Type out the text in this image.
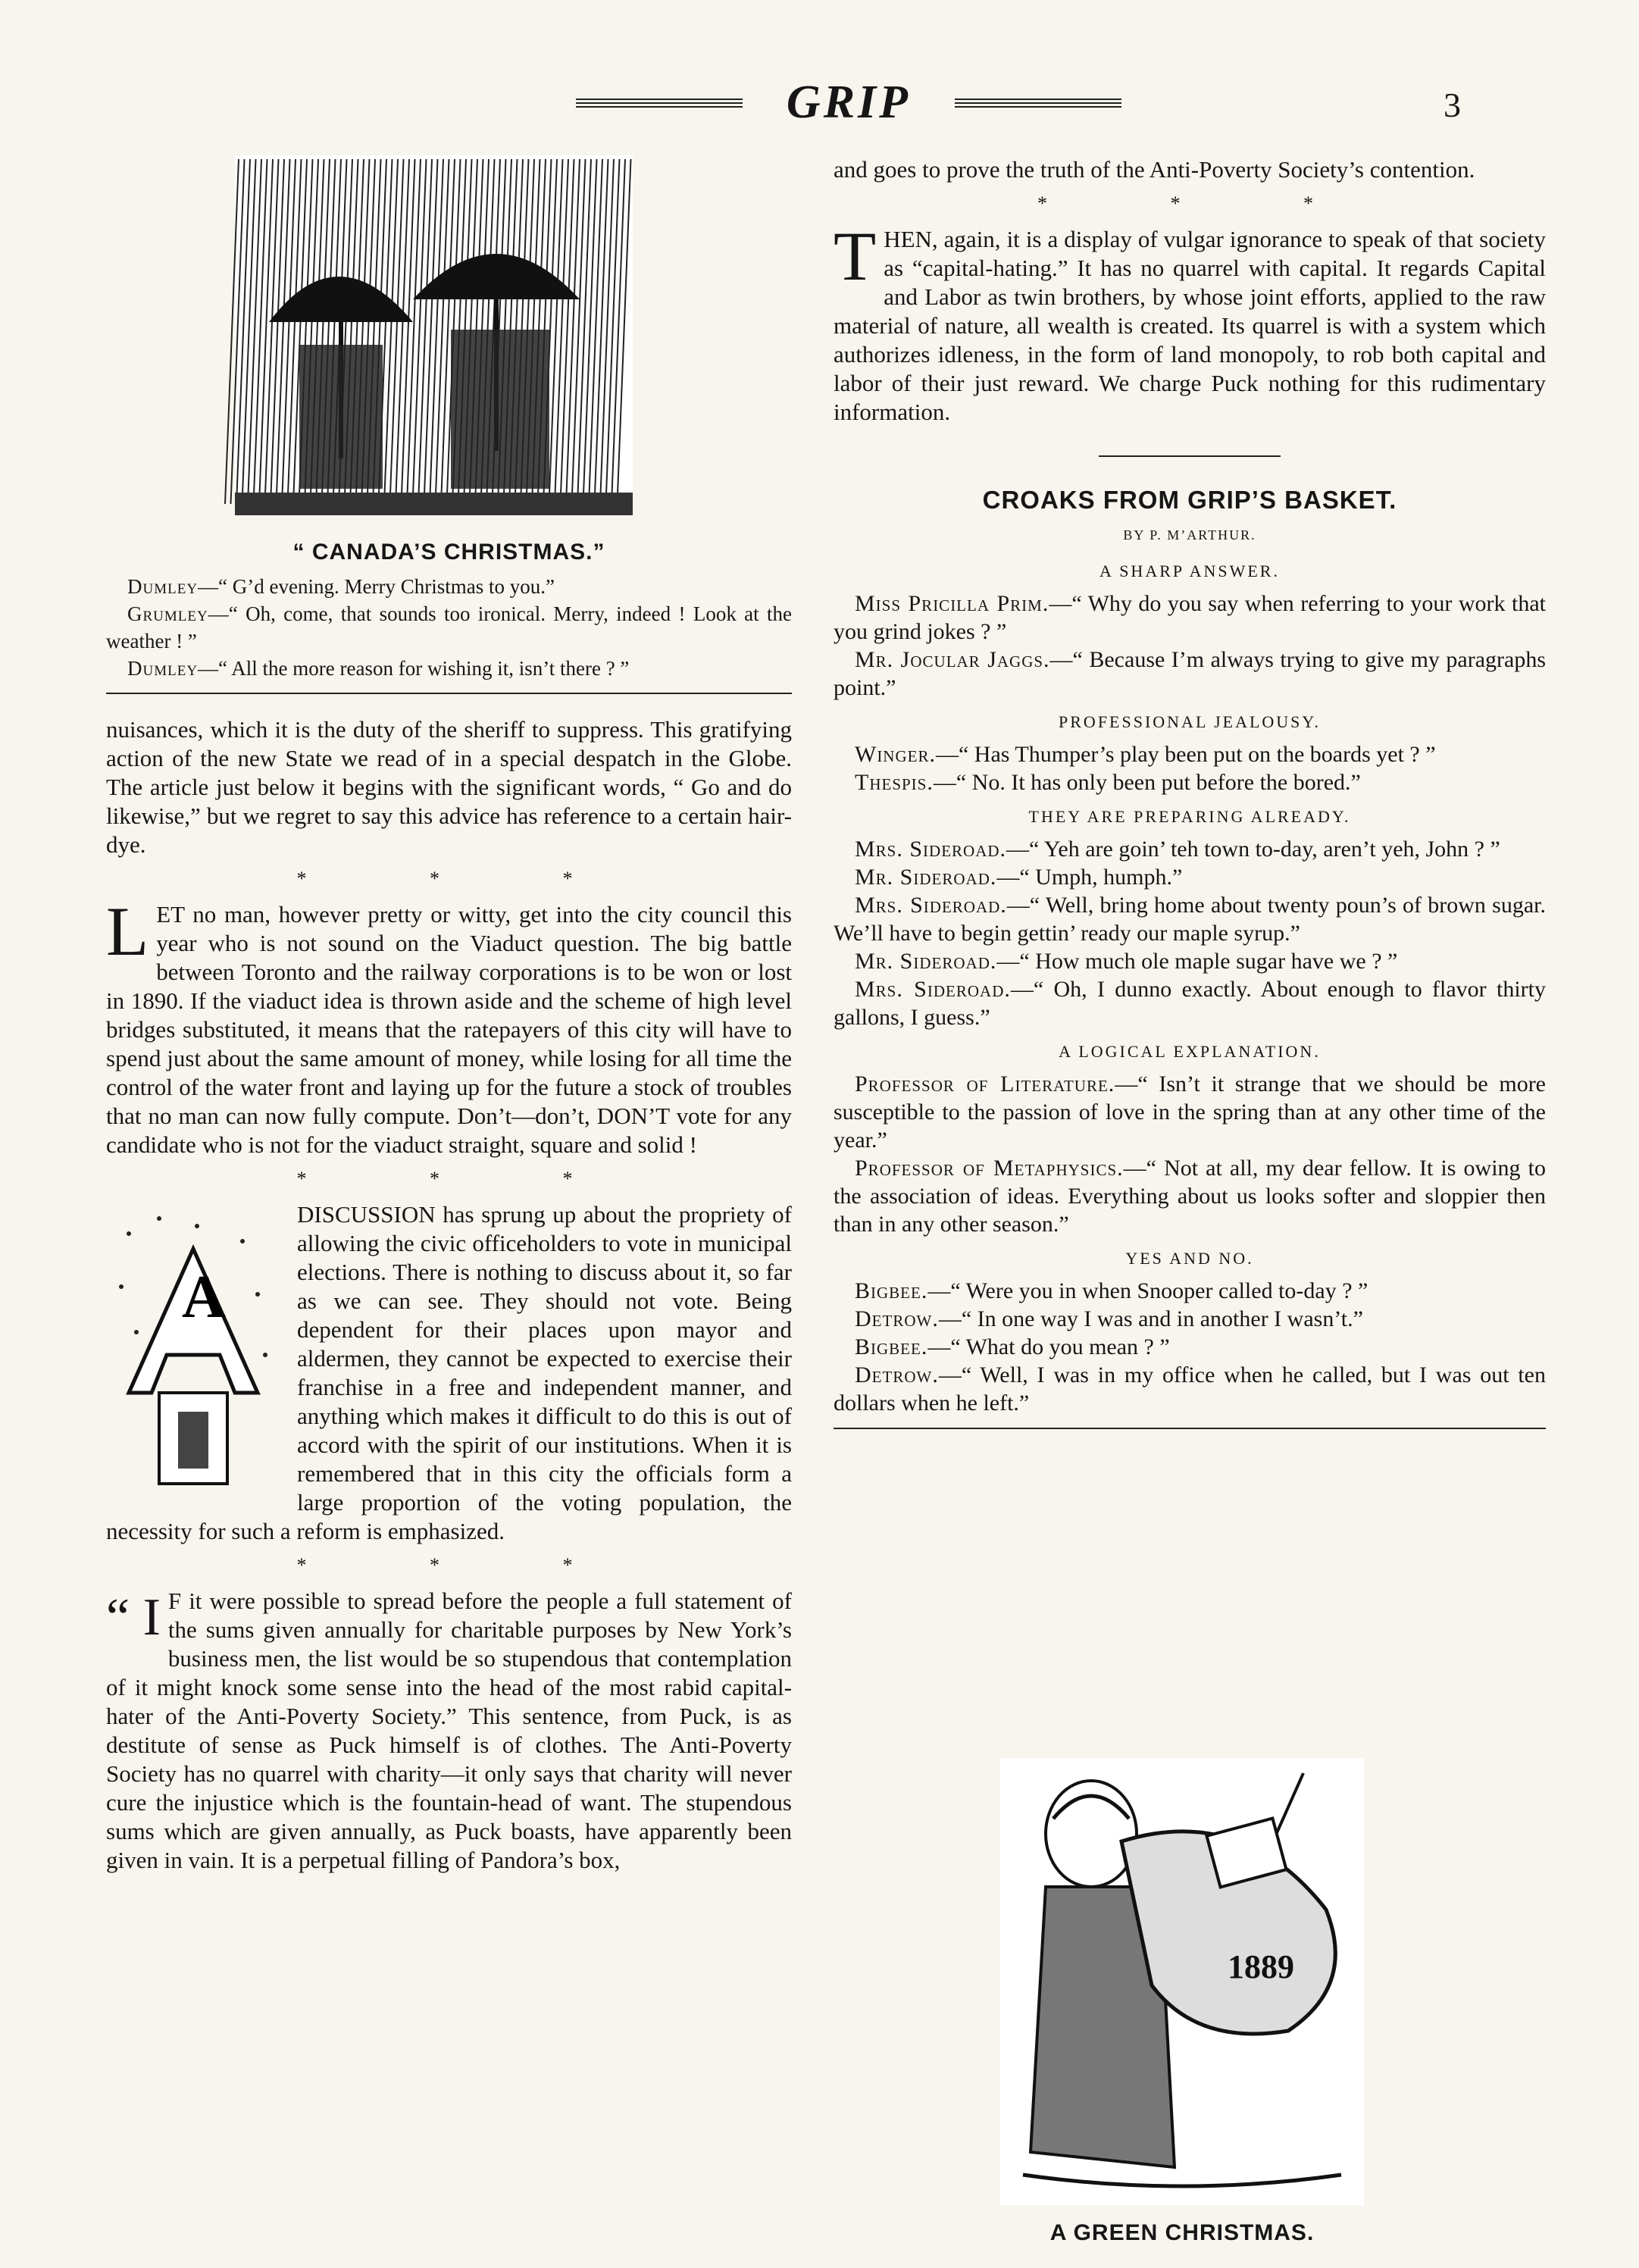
GRIP	3
“ CANADA’S CHRISTMAS.”

Dumley—“ G’d evening. Merry Christmas to you.”

Grumley—“ Oh, come, that sounds too ironical. Merry, indeed ! Look at the weather ! ”

Dumley—“ All the more reason for wishing it, isn’t there ? ”

nuisances, which it is the duty of the sheriff to suppress. This gratifying action of the new State we read of in a special despatch in the Globe. The article just below it begins with the significant words, “ Go and do likewise,” but we regret to say this advice has reference to a certain hair-dye.

* * *

LET no man, however pretty or witty, get into the city council this year who is not sound on the Viaduct question. The big battle between Toronto and the railway corporations is to be won or lost in 1890. If the viaduct idea is thrown aside and the scheme of high level bridges substituted, it means that the ratepayers of this city will have to spend just about the same amount of money, while losing for all time the control of the water front and laying up for the future a stock of troubles that no man can now fully compute. Don’t—don’t, DON’T vote for any candidate who is not for the viaduct straight, square and solid !

* * *
A

DISCUSSION has sprung up about the propriety of allowing the civic officeholders to vote in municipal elections. There is nothing to discuss about it, so far as we can see. They should not vote. Being dependent for their places upon mayor and aldermen, they cannot be expected to exercise their franchise in a free and independent manner, and anything which makes it difficult to do this is out of accord with the spirit of our institutions. When it is remembered that in this city the officials form a large proportion of the voting population, the necessity for such a reform is emphasized.

* * *

“ I F it were possible to spread before the people a full statement of the sums given annually for charitable purposes by New York’s business men, the list would be so stupendous that contemplation of it might knock some sense into the head of the most rabid capital-hater of the Anti-Poverty Society.” This sentence, from Puck, is as destitute of sense as Puck himself is of clothes. The Anti-Poverty Society has no quarrel with charity—it only says that charity will never cure the injustice which is the fountain-head of want. The stupendous sums which are given annually, as Puck boasts, have apparently been given in vain. It is a perpetual filling of Pandora’s box,

and goes to prove the truth of the Anti-Poverty Society’s contention.

* * *

THEN, again, it is a display of vulgar ignorance to speak of that society as “capital-hating.” It has no quarrel with capital. It regards Capital and Labor as twin brothers, by whose joint efforts, applied to the raw material of nature, all wealth is created. Its quarrel is with a system which authorizes idleness, in the form of land monopoly, to rob both capital and labor of their just reward. We charge Puck nothing for this rudimentary information.

CROAKS FROM GRIP’S BASKET.
BY P. M’ARTHUR.
A SHARP ANSWER.

Miss Pricilla Prim.—“ Why do you say when referring to your work that you grind jokes ? ”

Mr. Jocular Jaggs.—“ Because I’m always trying to give my paragraphs point.”

PROFESSIONAL JEALOUSY.

Winger.—“ Has Thumper’s play been put on the boards yet ? ”

Thespis.—“ No. It has only been put before the bored.”

THEY ARE PREPARING ALREADY.

Mrs. Sideroad.—“ Yeh are goin’ teh town to-day, aren’t yeh, John ? ”

Mr. Sideroad.—“ Umph, humph.”

Mrs. Sideroad.—“ Well, bring home about twenty poun’s of brown sugar. We’ll have to begin gettin’ ready our maple syrup.”

Mr. Sideroad.—“ How much ole maple sugar have we ? ”

Mrs. Sideroad.—“ Oh, I dunno exactly. About enough to flavor thirty gallons, I guess.”

A LOGICAL EXPLANATION.

Professor of Literature.—“ Isn’t it strange that we should be more susceptible to the passion of love in the spring than at any other time of the year.”

Professor of Metaphysics.—“ Not at all, my dear fellow. It is owing to the association of ideas. Everything about us looks softer and sloppier then than in any other season.”

YES AND NO.

Bigbee.—“ Were you in when Snooper called to-day ? ”

Detrow.—“ In one way I was and in another I wasn’t.”

Bigbee.—“ What do you mean ? ”

Detrow.—“ Well, I was in my office when he called, but I was out ten dollars when he left.”

1889
A GREEN CHRISTMAS.
